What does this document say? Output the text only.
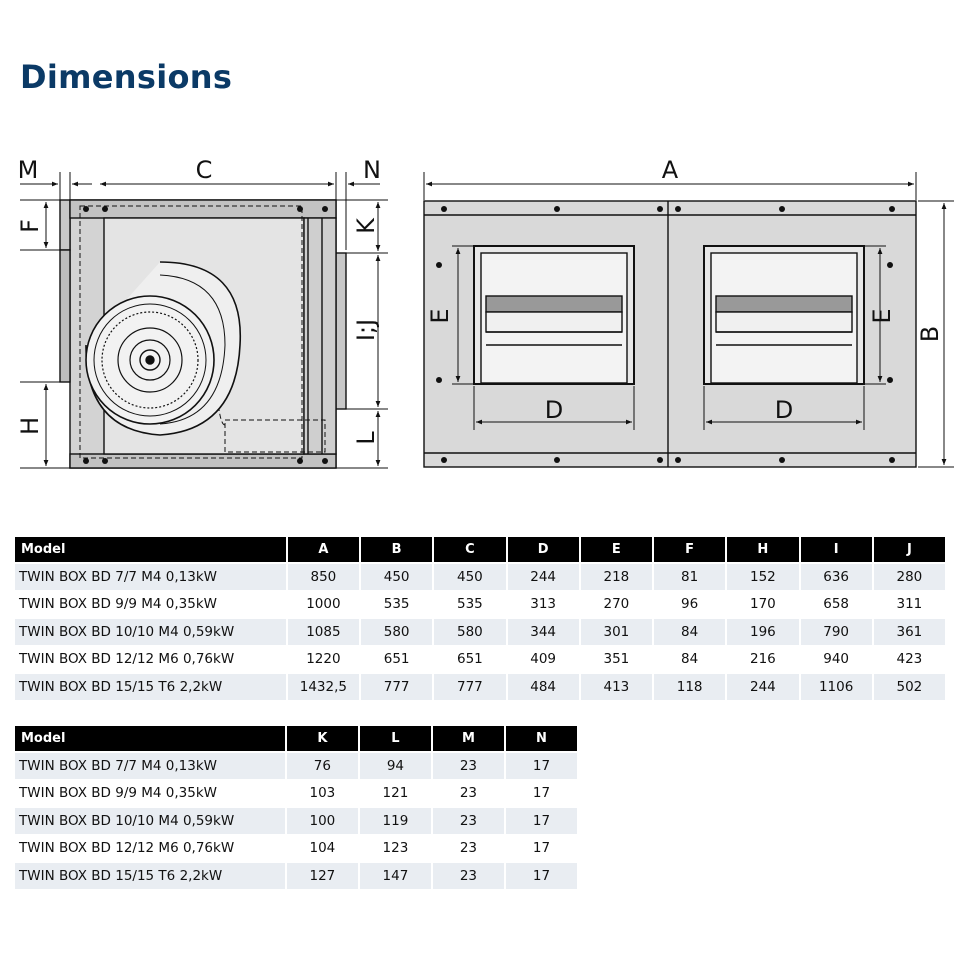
Dimensions
M	C	N
F
H
K
I;J
L
A
B
E	E
D	D
Model	A	B	C	D	E	F	H	I	J
TWIN BOX BD 7/7 M4 0,13kW	850	450	450	244	218	81	152	636	280
TWIN BOX BD 9/9 M4 0,35kW	1000	535	535	313	270	96	170	658	311
TWIN BOX BD 10/10 M4 0,59kW	1085	580	580	344	301	84	196	790	361
TWIN BOX BD 12/12 M6 0,76kW	1220	651	651	409	351	84	216	940	423
TWIN BOX BD 15/15 T6 2,2kW	1432,5	777	777	484	413	118	244	1106	502
Model	K	L	M	N
TWIN BOX BD 7/7 M4 0,13kW	76	94	23	17
TWIN BOX BD 9/9 M4 0,35kW	103	121	23	17
TWIN BOX BD 10/10 M4 0,59kW	100	119	23	17
TWIN BOX BD 12/12 M6 0,76kW	104	123	23	17
TWIN BOX BD 15/15 T6 2,2kW	127	147	23	17
